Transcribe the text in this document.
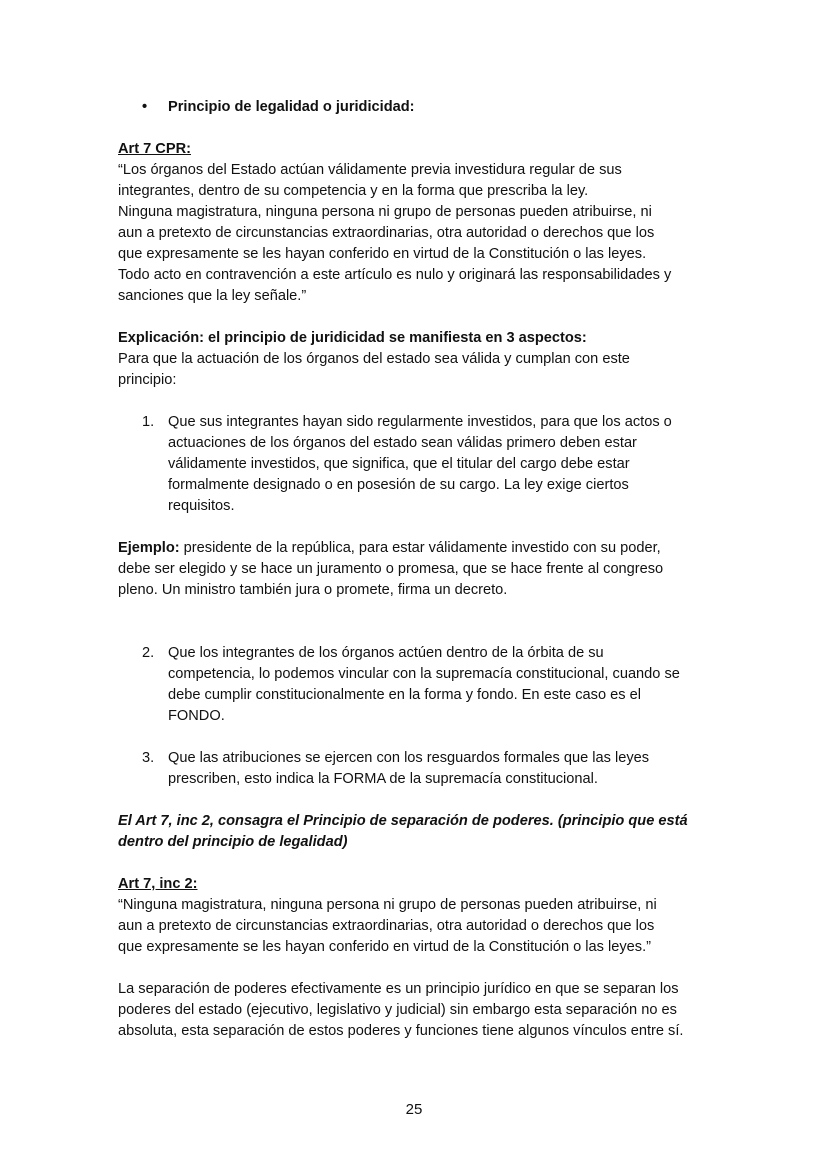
•	Principio de legalidad o juridicidad:

Art 7 CPR:

“Los órganos del Estado actúan válidamente previa investidura regular de sus

integrantes, dentro de su competencia y en la forma que prescriba la ley.

Ninguna magistratura, ninguna persona ni grupo de personas pueden atribuirse, ni

aun a pretexto de circunstancias extraordinarias, otra autoridad o derechos que los

que expresamente se les hayan conferido en virtud de la Constitución o las leyes.

Todo acto en contravención a este artículo es nulo y originará las responsabilidades y

sanciones que la ley señale.”

Explicación: el principio de juridicidad se manifiesta en 3 aspectos:

Para que la actuación de los órganos del estado sea válida y cumplan con este

principio:

1. Que sus integrantes hayan sido regularmente investidos, para que los actos o

actuaciones de los órganos del estado sean válidas primero deben estar

válidamente investidos, que significa, que el titular del cargo debe estar

formalmente designado o en posesión de su cargo. La ley exige ciertos

requisitos.

Ejemplo: presidente de la república, para estar válidamente investido con su poder,

debe ser elegido y se hace un juramento o promesa, que se hace frente al congreso

pleno. Un ministro también jura o promete, firma un decreto.

2. Que los integrantes de los órganos actúen dentro de la órbita de su

competencia, lo podemos vincular con la supremacía constitucional, cuando se

debe cumplir constitucionalmente en la forma y fondo. En este caso es el

FONDO.

3. Que las atribuciones se ejercen con los resguardos formales que las leyes

prescriben, esto indica la FORMA de la supremacía constitucional.

El Art 7, inc 2, consagra el Principio de separación de poderes. (principio que está

dentro del principio de legalidad)

Art 7, inc 2:

“Ninguna magistratura, ninguna persona ni grupo de personas pueden atribuirse, ni

aun a pretexto de circunstancias extraordinarias, otra autoridad o derechos que los

que expresamente se les hayan conferido en virtud de la Constitución o las leyes.”

La separación de poderes efectivamente es un principio jurídico en que se separan los

poderes del estado (ejecutivo, legislativo y judicial) sin embargo esta separación no es

absoluta, esta separación de estos poderes y funciones tiene algunos vínculos entre sí.

25
